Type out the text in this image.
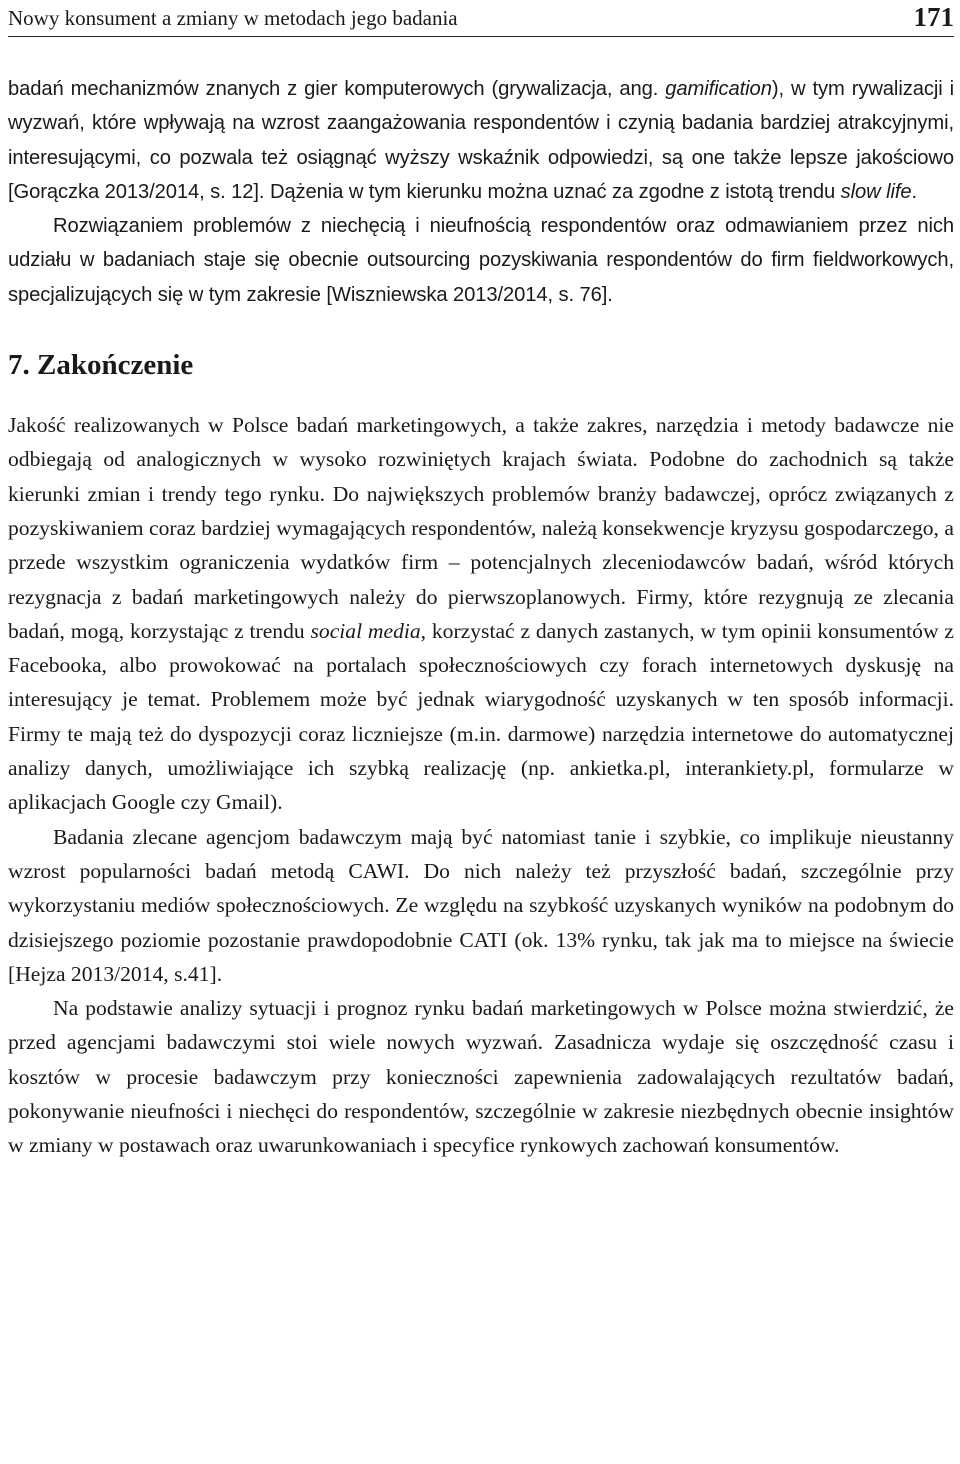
Nowy konsument a zmiany w metodach jego badania	171

badań mechanizmów znanych z gier komputerowych (grywalizacja, ang. gamification), w tym rywalizacji i wyzwań, które wpływają na wzrost zaangażowania respondentów i czynią badania bardziej atrakcyjnymi, interesującymi, co pozwala też osiągnąć wyższy wskaźnik odpowiedzi, są one także lepsze jakościowo [Gorączka 2013/2014, s. 12]. Dążenia w tym kierunku można uznać za zgodne z istotą trendu slow life.

Rozwiązaniem problemów z niechęcią i nieufnością respondentów oraz odmawianiem przez nich udziału w badaniach staje się obecnie outsourcing pozyskiwania respondentów do firm fieldworkowych, specjalizujących się w tym zakresie [Wiszniewska 2013/2014, s. 76].

7. Zakończenie

Jakość realizowanych w Polsce badań marketingowych, a także zakres, narzędzia i metody badawcze nie odbiegają od analogicznych w wysoko rozwiniętych krajach świata. Podobne do zachodnich są także kierunki zmian i trendy tego rynku. Do największych problemów branży badawczej, oprócz związanych z pozyskiwaniem coraz bardziej wymagających respondentów, należą konsekwencje kryzysu gospodarczego, a przede wszystkim ograniczenia wydatków firm – potencjalnych zleceniodawców badań, wśród których rezygnacja z badań marketingowych należy do pierwszoplanowych. Firmy, które rezygnują ze zlecania badań, mogą, korzystając z trendu social media, korzystać z danych zastanych, w tym opinii konsumentów z Facebooka, albo prowokować na portalach społecznościowych czy forach internetowych dyskusję na interesujący je temat. Problemem może być jednak wiarygodność uzyskanych w ten sposób informacji. Firmy te mają też do dyspozycji coraz liczniejsze (m.in. darmowe) narzędzia internetowe do automatycznej analizy danych, umożliwiające ich szybką realizację (np. ankietka.pl, interankiety.pl, formularze w aplikacjach Google czy Gmail).

Badania zlecane agencjom badawczym mają być natomiast tanie i szybkie, co implikuje nieustanny wzrost popularności badań metodą CAWI. Do nich należy też przyszłość badań, szczególnie przy wykorzystaniu mediów społecznościowych. Ze względu na szybkość uzyskanych wyników na podobnym do dzisiejszego poziomie pozostanie prawdopodobnie CATI (ok. 13% rynku, tak jak ma to miejsce na świecie [Hejza 2013/2014, s.41].

Na podstawie analizy sytuacji i prognoz rynku badań marketingowych w Polsce można stwierdzić, że przed agencjami badawczymi stoi wiele nowych wyzwań. Zasadnicza wydaje się oszczędność czasu i kosztów w procesie badawczym przy konieczności zapewnienia zadowalających rezultatów badań, pokonywanie nieufności i niechęci do respondentów, szczególnie w zakresie niezbędnych obecnie insightów w zmiany w postawach oraz uwarunkowaniach i specyfice rynkowych zachowań konsumentów.
